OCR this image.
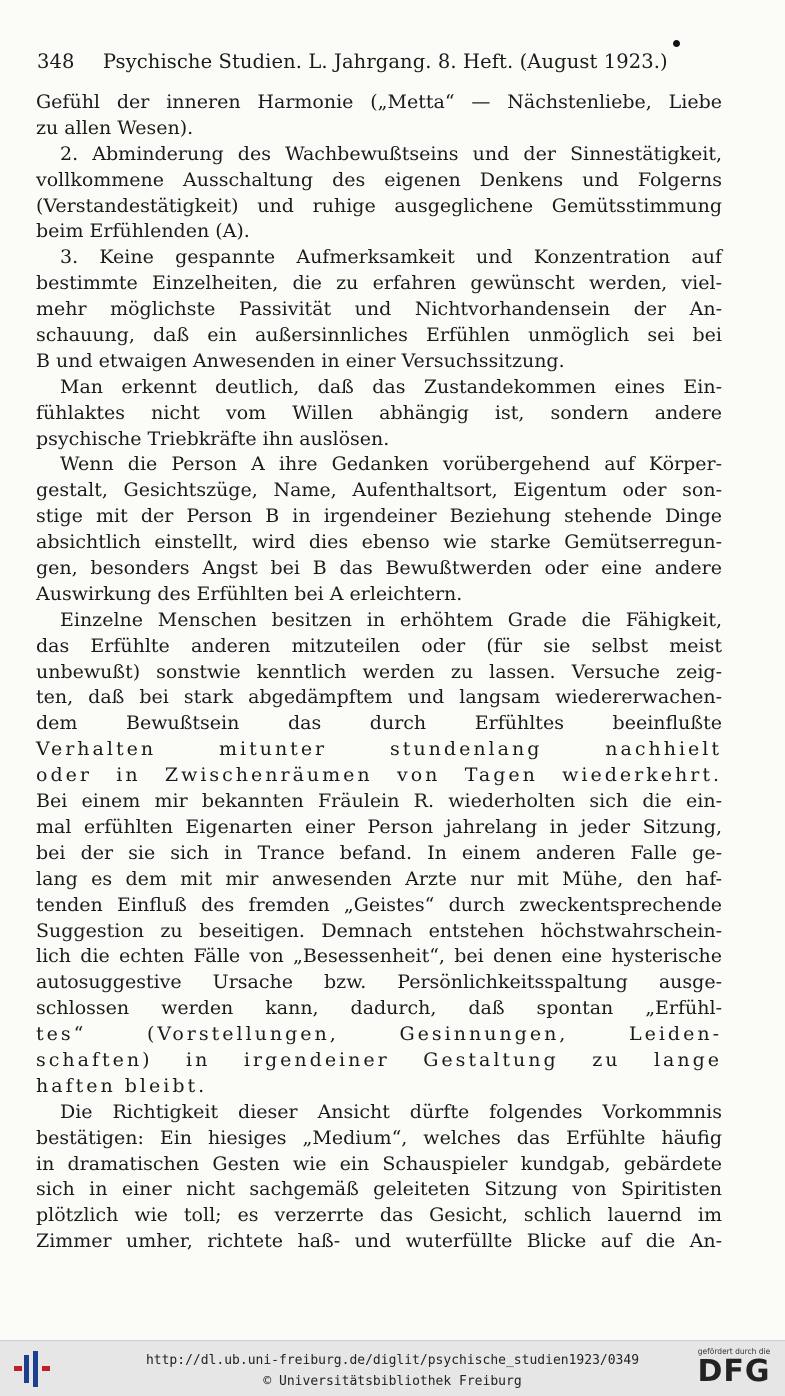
348 Psychische Studien. L. Jahrgang. 8. Heft. (August 1923.)
Gefühl der inneren Harmonie („Metta“ — Nächstenliebe, Liebe
zu allen Wesen).
2. Abminderung des Wachbewußtseins und der Sinnestätigkeit,
vollkommene Ausschaltung des eigenen Denkens und Folgerns
(Verstandestätigkeit) und ruhige ausgeglichene Gemütsstimmung
beim Erfühlenden (A).
3. Keine gespannte Aufmerksamkeit und Konzentration auf
bestimmte Einzelheiten, die zu erfahren gewünscht werden, viel-
mehr möglichste Passivität und Nichtvorhandensein der An-
schauung, daß ein außersinnliches Erfühlen unmöglich sei bei
B und etwaigen Anwesenden in einer Versuchssitzung.
Man erkennt deutlich, daß das Zustandekommen eines Ein-
fühlaktes nicht vom Willen abhängig ist, sondern andere
psychische Triebkräfte ihn auslösen.
Wenn die Person A ihre Gedanken vorübergehend auf Körper-
gestalt, Gesichtszüge, Name, Aufenthaltsort, Eigentum oder son-
stige mit der Person B in irgendeiner Beziehung stehende Dinge
absichtlich einstellt, wird dies ebenso wie starke Gemütserregun-
gen, besonders Angst bei B das Bewußtwerden oder eine andere
Auswirkung des Erfühlten bei A erleichtern.
Einzelne Menschen besitzen in erhöhtem Grade die Fähigkeit,
das Erfühlte anderen mitzuteilen oder (für sie selbst meist
unbewußt) sonstwie kenntlich werden zu lassen. Versuche zeig-
ten, daß bei stark abgedämpftem und langsam wiedererwachen-
dem Bewußtsein das durch Erfühltes beeinflußte
Verhalten mitunter stundenlang nachhielt
oder in Zwischenräumen von Tagen wiederkehrt.
Bei einem mir bekannten Fräulein R. wiederholten sich die ein-
mal erfühlten Eigenarten einer Person jahrelang in jeder Sitzung,
bei der sie sich in Trance befand. In einem anderen Falle ge-
lang es dem mit mir anwesenden Arzte nur mit Mühe, den haf-
tenden Einfluß des fremden „Geistes“ durch zweckentsprechende
Suggestion zu beseitigen. Demnach entstehen höchstwahrschein-
lich die echten Fälle von „Besessenheit“, bei denen eine hysterische
autosuggestive Ursache bzw. Persönlichkeitsspaltung ausge-
schlossen werden kann, dadurch, daß spontan „Erfühl-
tes“ (Vorstellungen, Gesinnungen, Leiden-
schaften) in irgendeiner Gestaltung zu lange
haften bleibt.
Die Richtigkeit dieser Ansicht dürfte folgendes Vorkommnis
bestätigen: Ein hiesiges „Medium“, welches das Erfühlte häufig
in dramatischen Gesten wie ein Schauspieler kundgab, gebärdete
sich in einer nicht sachgemäß geleiteten Sitzung von Spiritisten
plötzlich wie toll; es verzerrte das Gesicht, schlich lauernd im
Zimmer umher, richtete haß- und wuterfüllte Blicke auf die An-
http://dl.ub.uni-freiburg.de/diglit/psychische_studien1923/0349
© Universitätsbibliothek Freiburg
gefördert durch die
DFG
